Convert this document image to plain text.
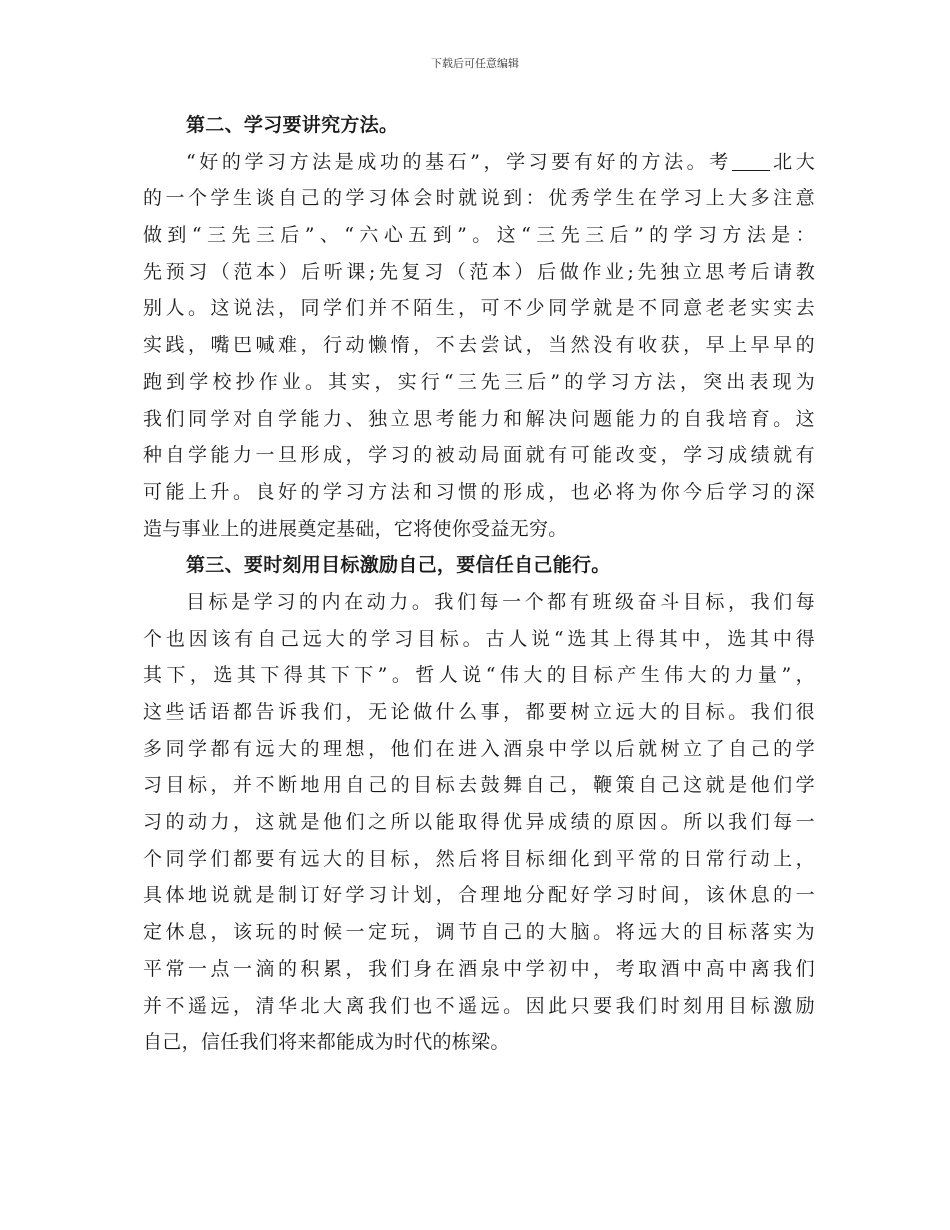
下载后可任意编辑
第二、学习要讲究方法。
“好的学习方法是成功的基石”，学习要有好的方法。考 北大
的一个学生谈自己的学习体会时就说到：优秀学生在学习上大多注意
做到“三先三后”、“六心五到”。这“三先三后”的学习方法是：
先预习（范本）后听课;先复习（范本）后做作业;先独立思考后请教
别人。这说法，同学们并不陌生，可不少同学就是不同意老老实实去
实践，嘴巴喊难，行动懒惰，不去尝试，当然没有收获，早上早早的
跑到学校抄作业。其实，实行“三先三后”的学习方法，突出表现为
我们同学对自学能力、独立思考能力和解决问题能力的自我培育。这
种自学能力一旦形成，学习的被动局面就有可能改变，学习成绩就有
可能上升。良好的学习方法和习惯的形成，也必将为你今后学习的深
造与事业上的进展奠定基础，它将使你受益无穷。
第三、要时刻用目标激励自己，要信任自己能行。
目标是学习的内在动力。我们每一个都有班级奋斗目标，我们每
个也因该有自己远大的学习目标。古人说“选其上得其中，选其中得
其下，选其下得其下下”。哲人说“伟大的目标产生伟大的力量”，
这些话语都告诉我们，无论做什么事，都要树立远大的目标。我们很
多同学都有远大的理想，他们在进入酒泉中学以后就树立了自己的学
习目标，并不断地用自己的目标去鼓舞自己，鞭策自己这就是他们学
习的动力，这就是他们之所以能取得优异成绩的原因。所以我们每一
个同学们都要有远大的目标，然后将目标细化到平常的日常行动上，
具体地说就是制订好学习计划，合理地分配好学习时间，该休息的一
定休息，该玩的时候一定玩，调节自己的大脑。将远大的目标落实为
平常一点一滴的积累，我们身在酒泉中学初中，考取酒中高中离我们
并不遥远，清华北大离我们也不遥远。因此只要我们时刻用目标激励
自己，信任我们将来都能成为时代的栋梁。
